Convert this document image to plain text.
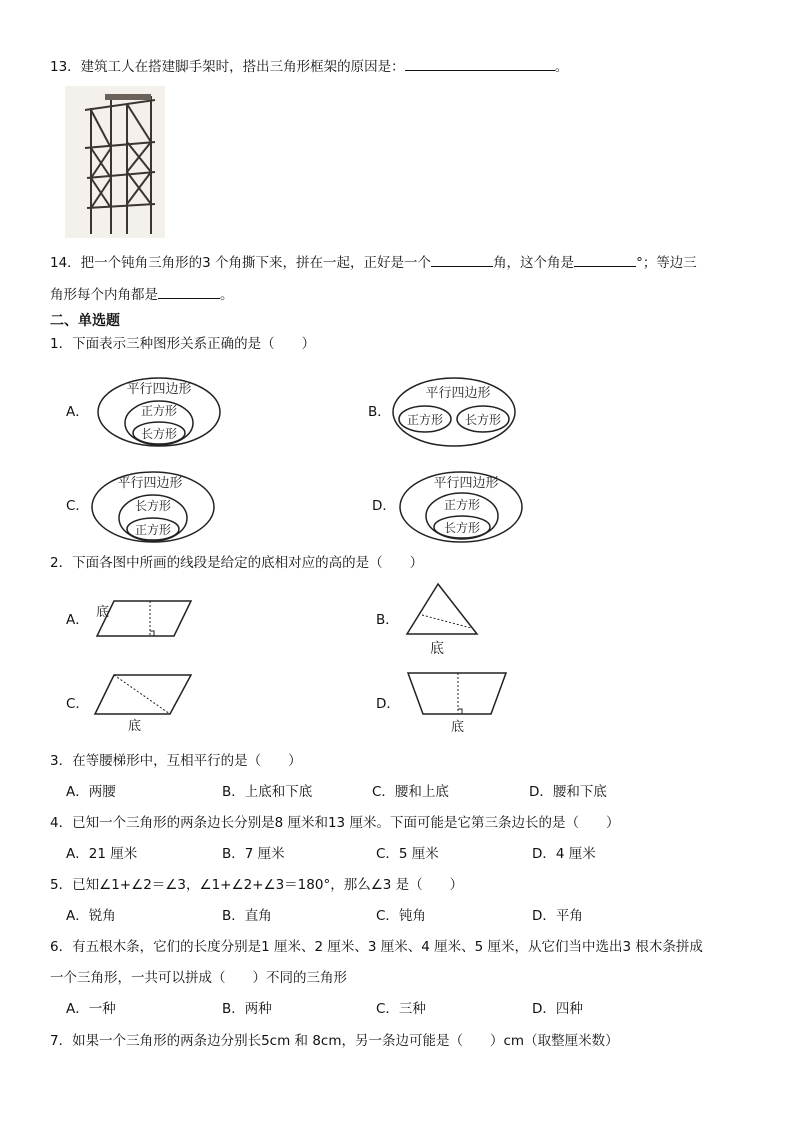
13．建筑工人在搭建脚手架时，搭出三角形框架的原因是：	。
14．把一个钝角三角形的3 个角撕下来，拼在一起，正好是一个	角，这个角是	°；等边三
角形每个内角都是	。
二、单选题
1．下面表示三种图形关系正确的是（　　）
A．
平行四边形
正方形
长方形
B．
平行四边形
正方形 长方形
C．
平行四边形
长方形
正方形
D．
平行四边形
正方形
长方形
2．下面各图中所画的线段是给定的底相对应的高的是（　　）
A． 底	B．
底
C．
底
D．
底
3．在等腰梯形中，互相平行的是（　　）
A．两腰	B．上底和下底	C．腰和上底	D．腰和下底
4．已知一个三角形的两条边长分别是8 厘米和13 厘米。下面可能是它第三条边长的是（　　）
A．21 厘米	B．7 厘米	C．5 厘米	D．4 厘米
5．已知∠1+∠2＝∠3，∠1+∠2+∠3＝180°，那么∠3 是（　　）
A．锐角	B．直角	C．钝角	D．平角
6．有五根木条，它们的长度分别是1 厘米、2 厘米、3 厘米、4 厘米、5 厘米，从它们当中选出3 根木条拼成
一个三角形，一共可以拼成（　　）不同的三角形
A．一种	B．两种	C．三种	D．四种
7．如果一个三角形的两条边分别长5cm 和 8cm，另一条边可能是（　　）cm（取整厘米数）
